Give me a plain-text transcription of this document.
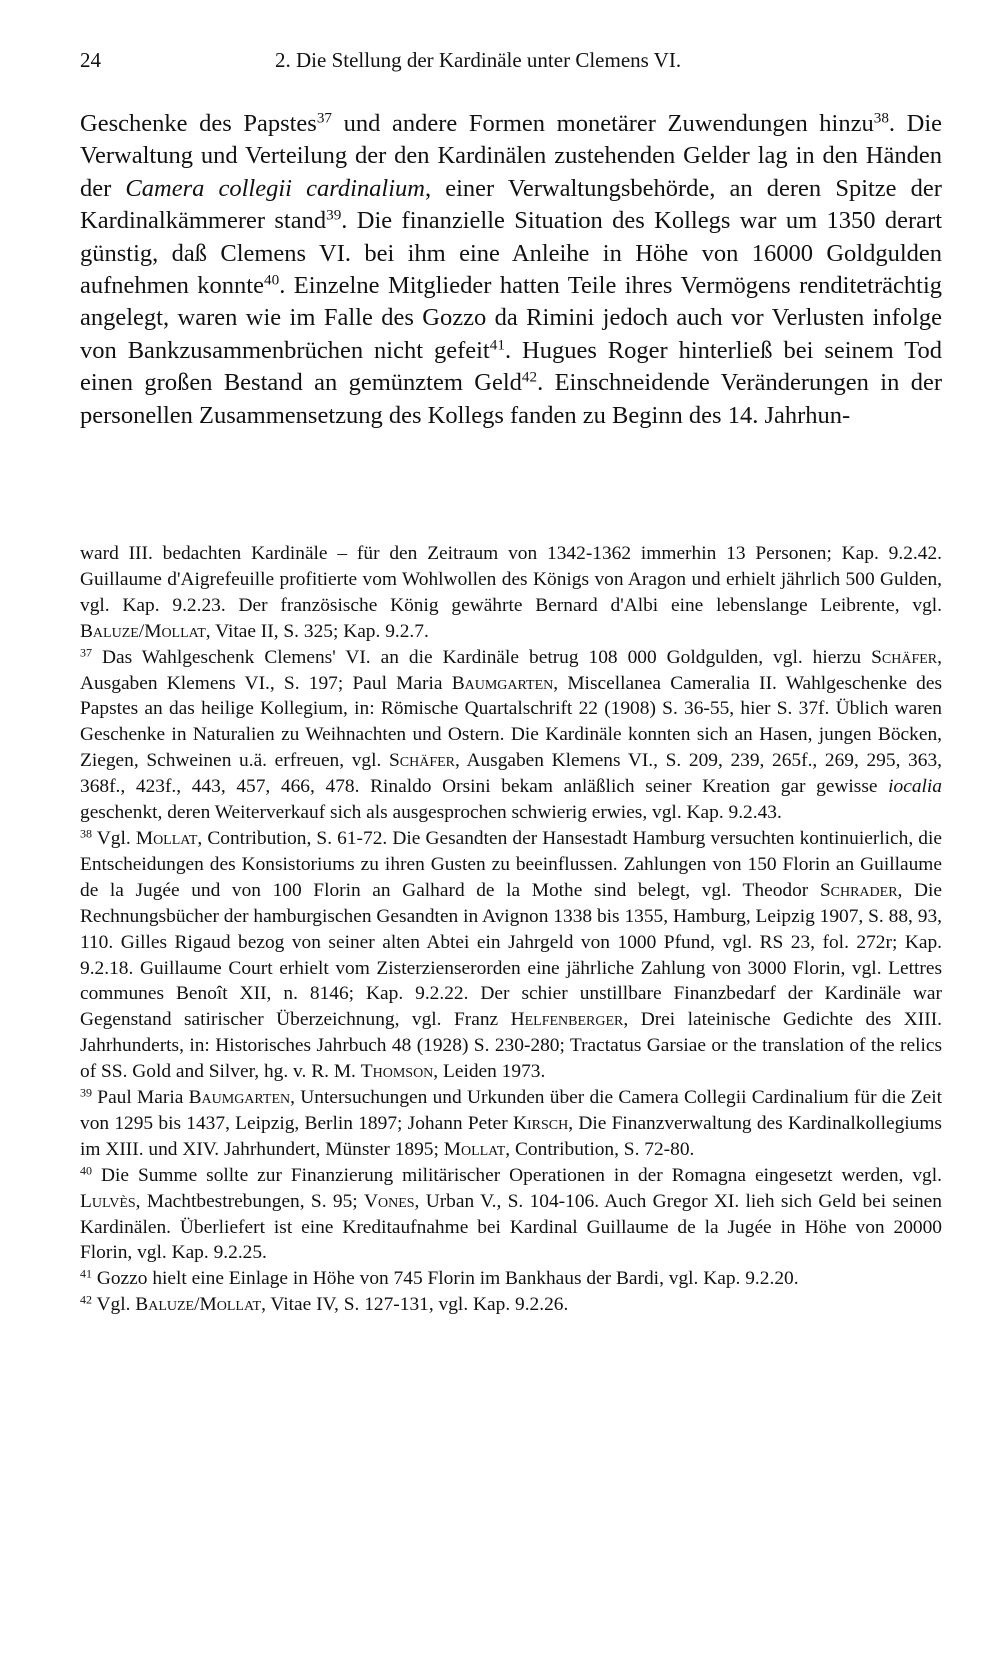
24	2. Die Stellung der Kardinäle unter Clemens VI.

Geschenke des Papstes$^{37}$ und andere Formen monetärer Zuwendungen hinzu$^{38}$. Die Verwaltung und Verteilung der den Kardinälen zustehenden Gelder lag in den Händen der Camera collegii cardinalium, einer Verwaltungsbehörde, an deren Spitze der Kardinalkämmerer stand$^{39}$. Die finanzielle Situation des Kollegs war um 1350 derart günstig, daß Clemens VI. bei ihm eine Anleihe in Höhe von 16000 Goldgulden aufnehmen konnte$^{40}$. Einzelne Mitglieder hatten Teile ihres Vermögens renditeträchtig angelegt, waren wie im Falle des Gozzo da Rimini jedoch auch vor Verlusten infolge von Bankzusammenbrüchen nicht gefeit$^{41}$. Hugues Roger hinterließ bei seinem Tod einen großen Bestand an gemünztem Geld$^{42}$. Einschneidende Veränderungen in der personellen Zusammensetzung des Kollegs fanden zu Beginn des 14. Jahrhun-

ward III. bedachten Kardinäle – für den Zeitraum von 1342-1362 immerhin 13 Personen; Kap. 9.2.42. Guillaume d'Aigrefeuille profitierte vom Wohlwollen des Königs von Aragon und erhielt jährlich 500 Gulden, vgl. Kap. 9.2.23. Der französische König gewährte Bernard d'Albi eine lebenslange Leibrente, vgl. Baluze/Mollat, Vitae II, S. 325; Kap. 9.2.7.

$^{37}$ Das Wahlgeschenk Clemens' VI. an die Kardinäle betrug 108 000 Goldgulden, vgl. hierzu Schäfer, Ausgaben Klemens VI., S. 197; Paul Maria Baumgarten, Miscellanea Cameralia II. Wahlgeschenke des Papstes an das heilige Kollegium, in: Römische Quartalschrift 22 (1908) S. 36-55, hier S. 37f. Üblich waren Geschenke in Naturalien zu Weihnachten und Ostern. Die Kardinäle konnten sich an Hasen, jungen Böcken, Ziegen, Schweinen u.ä. erfreuen, vgl. Schäfer, Ausgaben Klemens VI., S. 209, 239, 265f., 269, 295, 363, 368f., 423f., 443, 457, 466, 478. Rinaldo Orsini bekam anläßlich seiner Kreation gar gewisse iocalia geschenkt, deren Weiterverkauf sich als ausgesprochen schwierig erwies, vgl. Kap. 9.2.43.

$^{38}$ Vgl. Mollat, Contribution, S. 61-72. Die Gesandten der Hansestadt Hamburg versuchten kontinuierlich, die Entscheidungen des Konsistoriums zu ihren Gusten zu beeinflussen. Zahlungen von 150 Florin an Guillaume de la Jugée und von 100 Florin an Galhard de la Mothe sind belegt, vgl. Theodor Schrader, Die Rechnungsbücher der hamburgischen Gesandten in Avignon 1338 bis 1355, Hamburg, Leipzig 1907, S. 88, 93, 110. Gilles Rigaud bezog von seiner alten Abtei ein Jahrgeld von 1000 Pfund, vgl. RS 23, fol. 272r; Kap. 9.2.18. Guillaume Court erhielt vom Zisterzienserorden eine jährliche Zahlung von 3000 Florin, vgl. Lettres communes Benoît XII, n. 8146; Kap. 9.2.22. Der schier unstillbare Finanzbedarf der Kardinäle war Gegenstand satirischer Überzeichnung, vgl. Franz Helfenberger, Drei lateinische Gedichte des XIII. Jahrhunderts, in: Historisches Jahrbuch 48 (1928) S. 230-280; Tractatus Garsiae or the translation of the relics of SS. Gold and Silver, hg. v. R. M. Thomson, Leiden 1973.

$^{39}$ Paul Maria Baumgarten, Untersuchungen und Urkunden über die Camera Collegii Cardinalium für die Zeit von 1295 bis 1437, Leipzig, Berlin 1897; Johann Peter Kirsch, Die Finanzverwaltung des Kardinalkollegiums im XIII. und XIV. Jahrhundert, Münster 1895; Mollat, Contribution, S. 72-80.

$^{40}$ Die Summe sollte zur Finanzierung militärischer Operationen in der Romagna eingesetzt werden, vgl. Lulvès, Machtbestrebungen, S. 95; Vones, Urban V., S. 104-106. Auch Gregor XI. lieh sich Geld bei seinen Kardinälen. Überliefert ist eine Kreditaufnahme bei Kardinal Guillaume de la Jugée in Höhe von 20000 Florin, vgl. Kap. 9.2.25.

$^{41}$ Gozzo hielt eine Einlage in Höhe von 745 Florin im Bankhaus der Bardi, vgl. Kap. 9.2.20.

$^{42}$ Vgl. Baluze/Mollat, Vitae IV, S. 127-131, vgl. Kap. 9.2.26.
